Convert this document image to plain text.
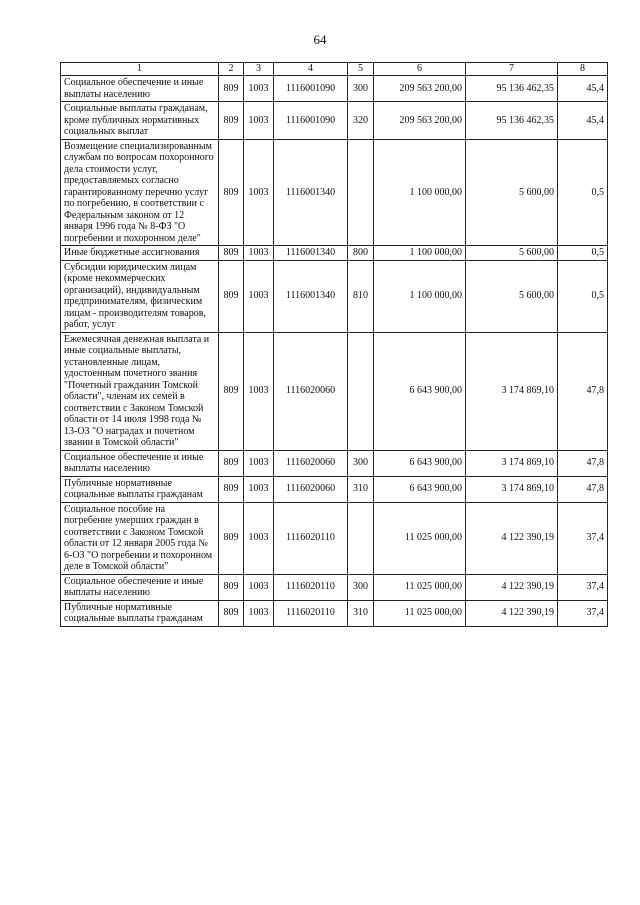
64
1	2	3	4	5	6	7	8
Социальное обеспечение и иные выплаты населению	809	1003	1116001090	300	209 563 200,00	95 136 462,35	45,4
Социальные выплаты гражданам, кроме публичных нормативных социальных выплат	809	1003	1116001090	320	209 563 200,00	95 136 462,35	45,4
Возмещение специализированным службам по вопросам похоронного дела стоимости услуг, предоставляемых согласно гарантированному перечню услуг по погребению, в соответствии с Федеральным законом от 12 января 1996 года № 8-ФЗ "О погребении и похоронном деле"	809	1003	1116001340		1 100 000,00	5 600,00	0,5
Иные бюджетные ассигнования	809	1003	1116001340	800	1 100 000,00	5 600,00	0,5
Субсидии юридическим лицам (кроме некоммерческих организаций), индивидуальным предпринимателям, физическим лицам - производителям товаров, работ, услуг	809	1003	1116001340	810	1 100 000,00	5 600,00	0,5
Ежемесячная денежная выплата и иные социальные выплаты, установленные лицам, удостоенным почетного звания "Почетный гражданин Томской области", членам их семей в соответствии с Законом Томской области от 14 июля 1998 года № 13-ОЗ "О наградах и почетном звании в Томской области"	809	1003	1116020060		6 643 900,00	3 174 869,10	47,8
Социальное обеспечение и иные выплаты населению	809	1003	1116020060	300	6 643 900,00	3 174 869,10	47,8
Публичные нормативные социальные выплаты гражданам	809	1003	1116020060	310	6 643 900,00	3 174 869,10	47,8
Социальное пособие на погребение умерших граждан в соответствии с Законом Томской области от 12 января 2005 года № 6-ОЗ "О погребении и похоронном деле в Томской области"	809	1003	1116020110		11 025 000,00	4 122 390,19	37,4
Социальное обеспечение и иные выплаты населению	809	1003	1116020110	300	11 025 000,00	4 122 390,19	37,4
Публичные нормативные социальные выплаты гражданам	809	1003	1116020110	310	11 025 000,00	4 122 390,19	37,4
